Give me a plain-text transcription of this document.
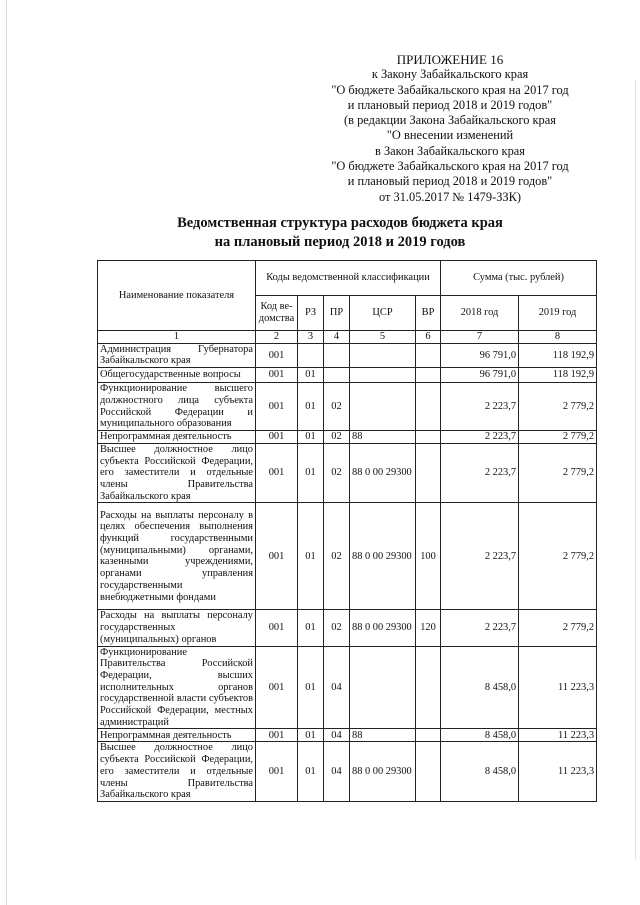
ПРИЛОЖЕНИЕ 16
к Закону Забайкальского края
"О бюджете Забайкальского края на 2017 год
и плановый период 2018 и 2019 годов"
(в редакции Закона Забайкальского края
"О внесении изменений
в Закон Забайкальского края
"О бюджете Забайкальского края на 2017 год
и плановый период 2018 и 2019 годов"
от 31.05.2017 № 1479-ЗЗК)
Ведомственная структура расходов бюджета края
на плановый период 2018 и 2019 годов
Наименование показателя	Коды ведомственной классификации					Сумма (тыс. рублей)	
	Код ве-домства	РЗ	ПР	ЦСР	ВР	2018 год	2019 год
1	2	3	4	5	6	7	8
Администрация Губернатора Забайкальского края	001					96 791,0	118 192,9
Общегосударственные вопросы	001	01				96 791,0	118 192,9
Функционирование высшего должностного лица субъекта Российской Федерации и муниципального образования	001	01	02			2 223,7	2 779,2
Непрограммная деятельность	001	01	02	88		2 223,7	2 779,2
Высшее должностное лицо субъекта Российской Федерации, его заместители и отдельные члены Правительства Забайкальского края	001	01	02	88 0 00 29300		2 223,7	2 779,2
Расходы на выплаты персоналу в целях обеспечения выполнения функций государственными (муниципальными) органами, казенными учреждениями, органами управления государственными внебюджетными фондами	001	01	02	88 0 00 29300	100	2 223,7	2 779,2
Расходы на выплаты персоналу государственных (муниципальных) органов	001	01	02	88 0 00 29300	120	2 223,7	2 779,2
Функционирование Правительства Российской Федерации, высших исполнительных органов государственной власти субъектов Российской Федерации, местных администраций	001	01	04			8 458,0	11 223,3
Непрограммная деятельность	001	01	04	88		8 458,0	11 223,3
Высшее должностное лицо субъекта Российской Федерации, его заместители и отдельные члены Правительства Забайкальского края	001	01	04	88 0 00 29300		8 458,0	11 223,3
